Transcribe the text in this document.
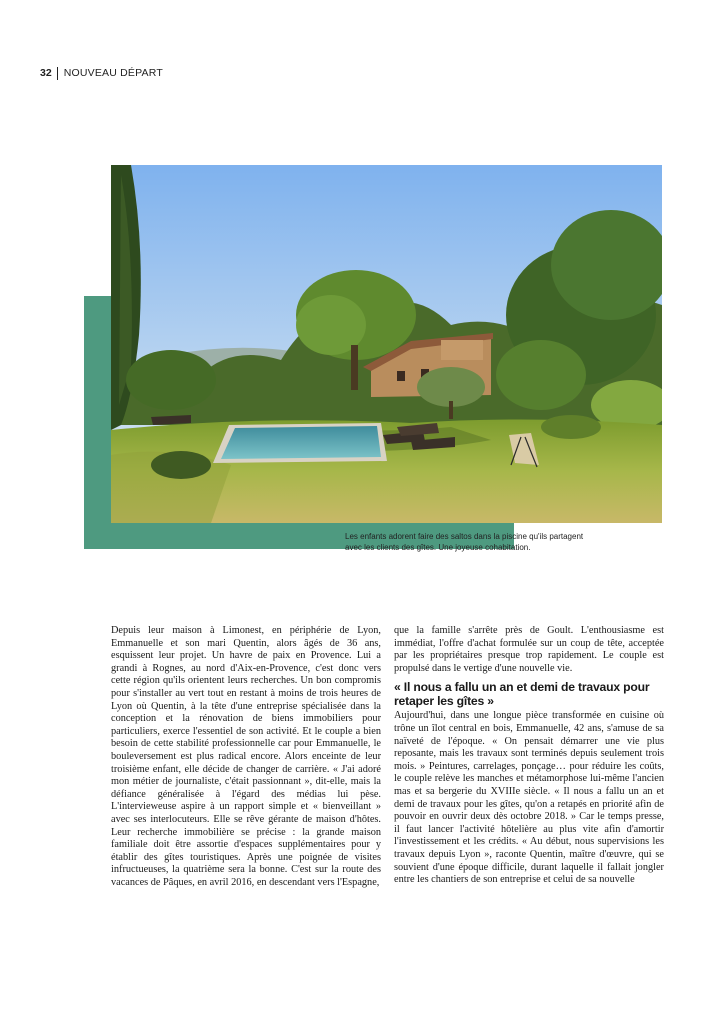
32 NOUVEAU DÉPART
Les enfants adorent faire des saltos dans la piscine qu'ils partagent
avec les clients des gîtes. Une joyeuse cohabitation.

Depuis leur maison à Limonest, en périphérie de Lyon, Emmanuelle et son mari Quentin, alors âgés de 36 ans, esquissent leur projet. Un havre de paix en Provence. Lui a grandi à Rognes, au nord d'Aix-en-Provence, c'est donc vers cette région qu'ils orientent leurs recherches. Un bon compromis pour s'installer au vert tout en restant à moins de trois heures de Lyon où Quentin, à la tête d'une entreprise spécialisée dans la conception et la rénovation de biens immobiliers pour particuliers, exerce l'essentiel de son activité. Et le couple a bien besoin de cette stabilité professionnelle car pour Emmanuelle, le bouleversement est plus radical encore. Alors enceinte de leur troisième enfant, elle décide de changer de carrière. « J'ai adoré mon métier de journaliste, c'était passionnant », dit-elle, mais la défiance généralisée à l'égard des médias lui pèse. L'intervieweuse aspire à un rapport simple et « bienveillant » avec ses interlocuteurs. Elle se rêve gérante de maison d'hôtes. Leur recherche immobilière se précise : la grande maison familiale doit être assortie d'espaces supplémentaires pour y établir des gîtes touristiques. Après une poignée de visites infructueuses, la quatrième sera la bonne. C'est sur la route des vacances de Pâques, en avril 2016, en descendant vers l'Espagne,

que la famille s'arrête près de Goult. L'enthousiasme est immédiat, l'offre d'achat formulée sur un coup de tête, acceptée par les propriétaires presque trop rapidement. Le couple est propulsé dans le vertige d'une nouvelle vie.

« Il nous a fallu un an et demi de travaux pour retaper les gîtes »

Aujourd'hui, dans une longue pièce transformée en cuisine où trône un îlot central en bois, Emmanuelle, 42 ans, s'amuse de sa naïveté de l'époque. « On pensait démarrer une vie plus reposante, mais les travaux sont terminés depuis seulement trois mois. » Peintures, carrelages, ponçage… pour réduire les coûts, le couple relève les manches et métamorphose lui-même l'ancien mas et sa bergerie du XVIIIe siècle. « Il nous a fallu un an et demi de travaux pour les gîtes, qu'on a retapés en priorité afin de pouvoir en ouvrir deux dès octobre 2018. » Car le temps presse, il faut lancer l'activité hôtelière au plus vite afin d'amortir l'investissement et les crédits. « Au début, nous supervisions les travaux depuis Lyon », raconte Quentin, maître d'œuvre, qui se souvient d'une époque difficile, durant laquelle il fallait jongler entre les chantiers de son entreprise et celui de sa nouvelle
